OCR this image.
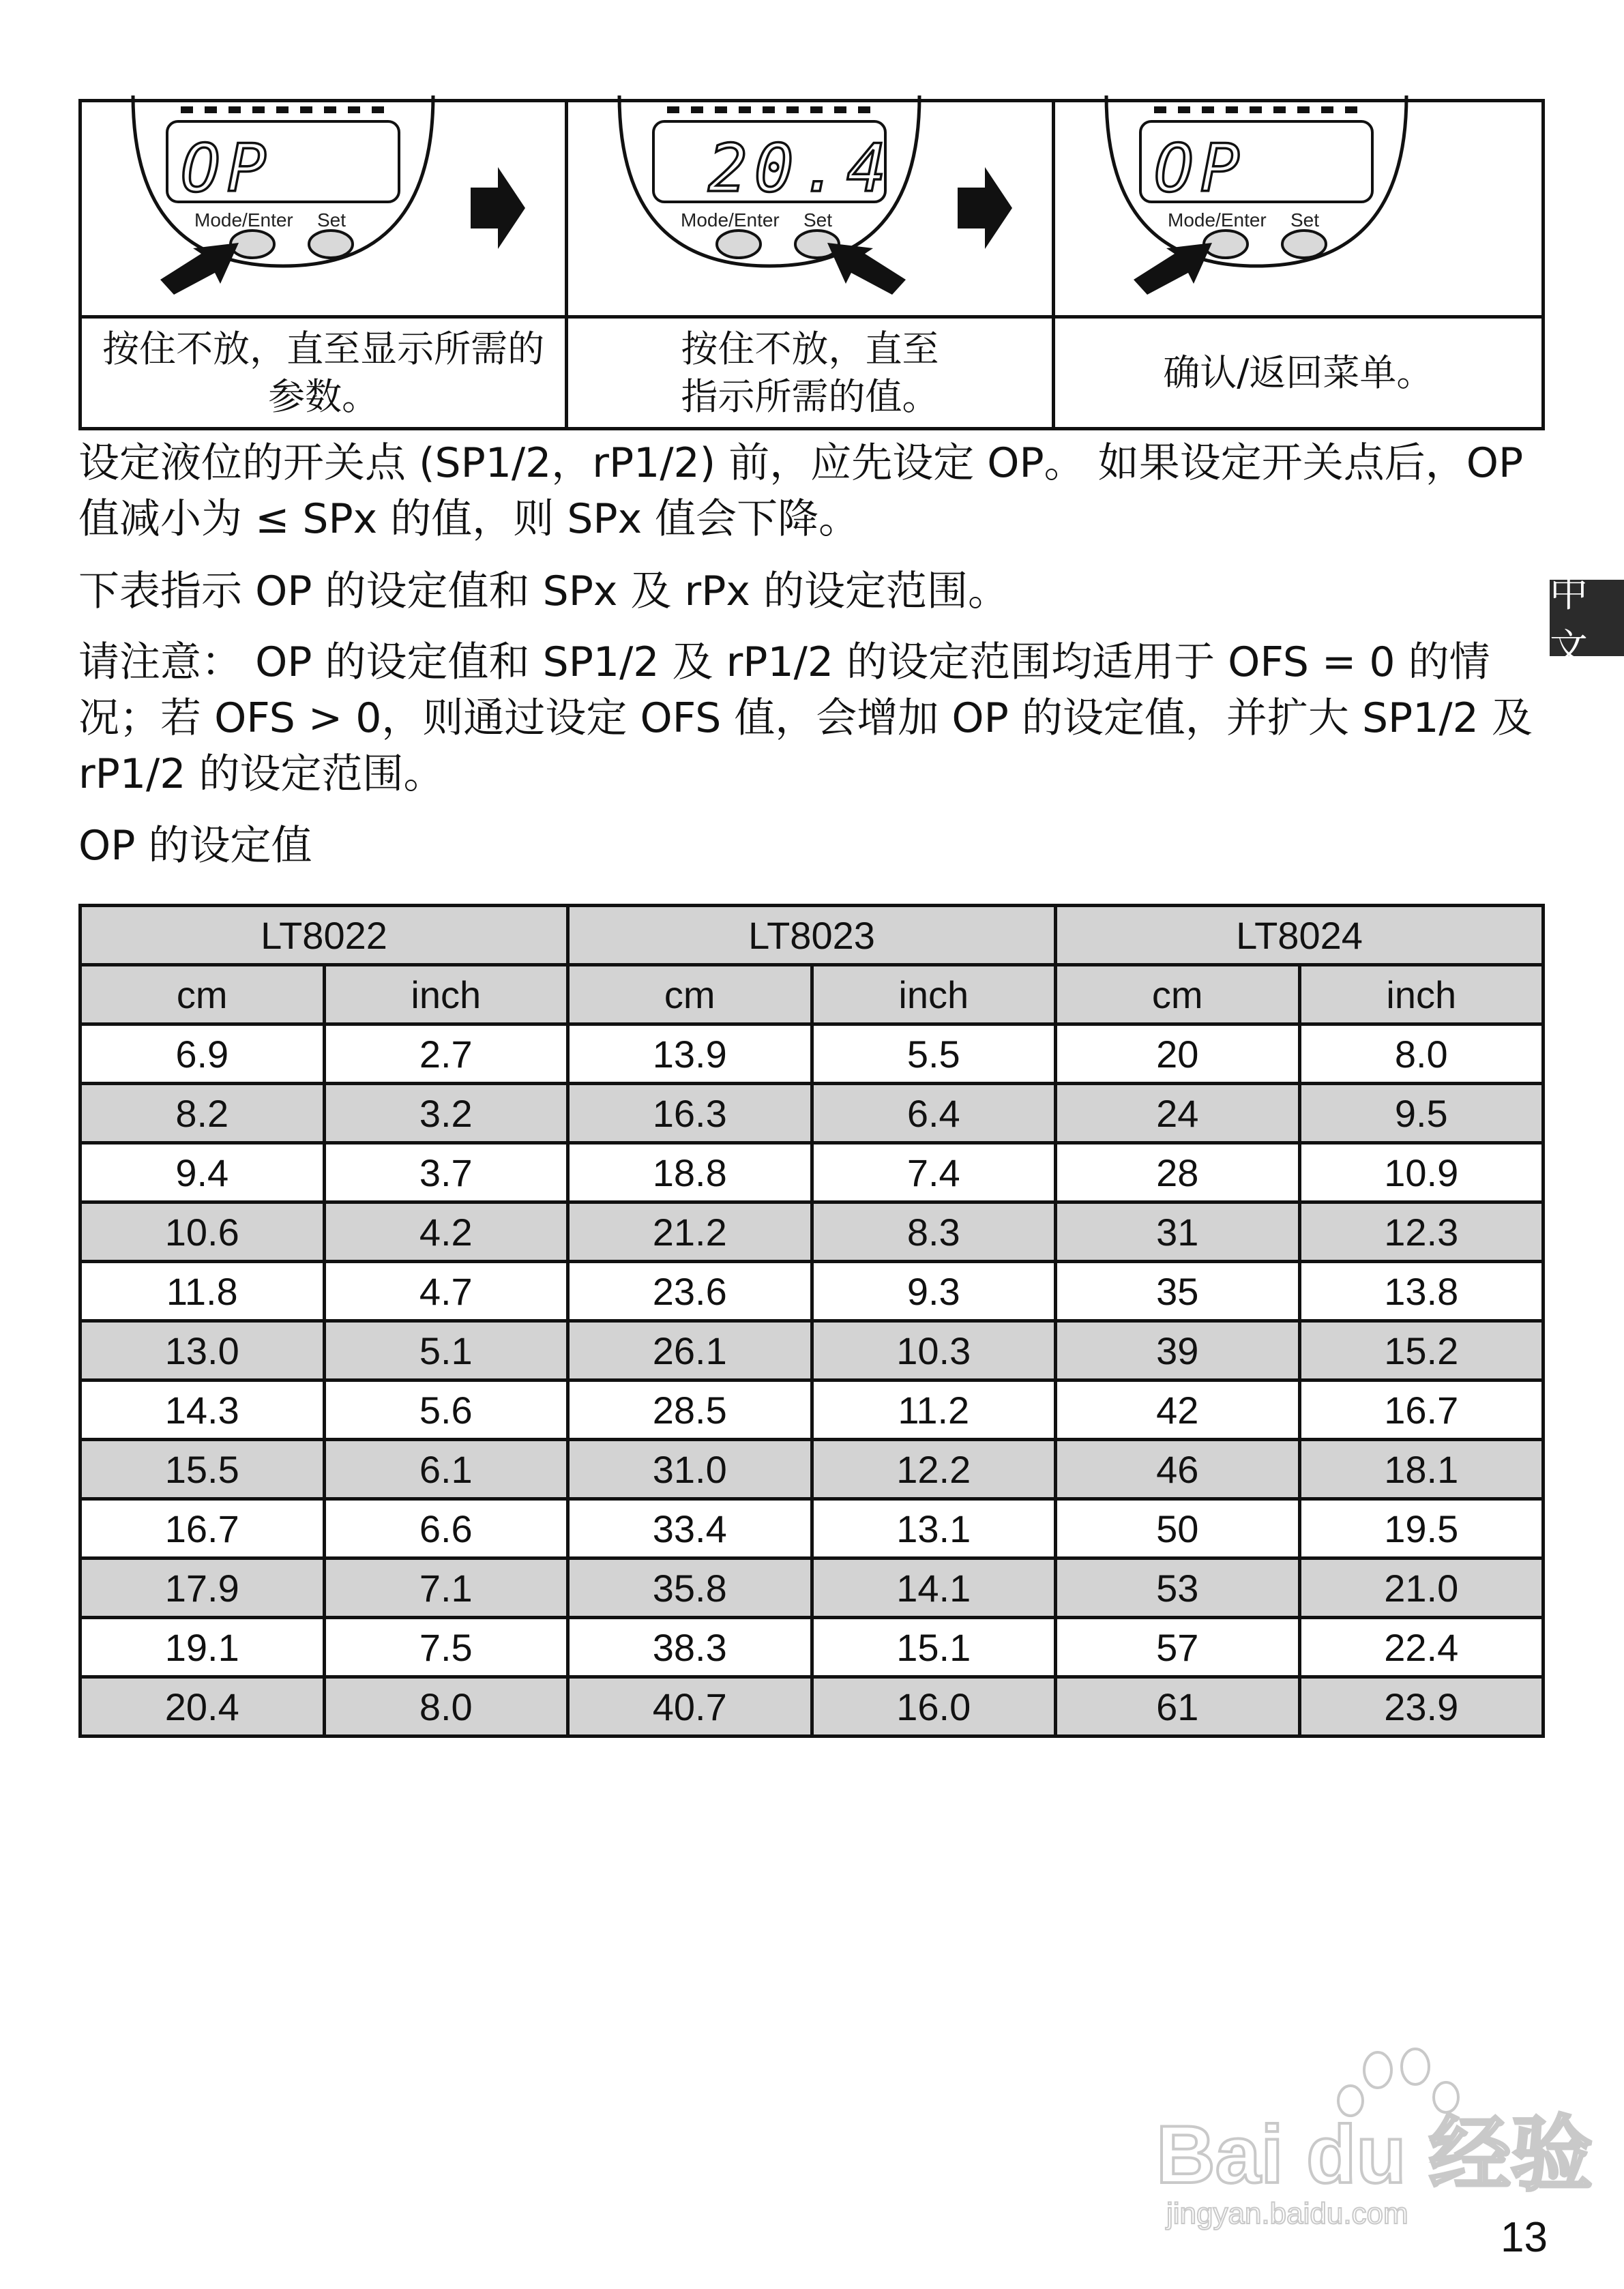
OP
Mode/Enter Set
20.4
Mode/Enter Set
OP
Mode/Enter Set
按住不放，直至显示所需的
参数。
按住不放，直至
指示所需的值。
确认/返回菜单。
设定液位的开关点 (SP1/2，rP1/2) 前，应先设定 OP。 如果设定开关点后，OP 值减小为 ≤ SPx 的值，则 SPx 值会下降。
下表指示 OP 的设定值和 SPx 及 rPx 的设定范围。
请注意： OP 的设定值和 SP1/2 及 rP1/2 的设定范围均适用于 OFS = 0 的情况；若 OFS > 0，则通过设定 OFS 值，会增加 OP 的设定值，并扩大 SP1/2 及 rP1/2 的设定范围。
OP 的设定值
中文
LT8022		LT8023		LT8024	
cm	inch	cm	inch	cm	inch
6.9	2.7	13.9	5.5	20	8.0
8.2	3.2	16.3	6.4	24	9.5
9.4	3.7	18.8	7.4	28	10.9
10.6	4.2	21.2	8.3	31	12.3
11.8	4.7	23.6	9.3	35	13.8
13.0	5.1	26.1	10.3	39	15.2
14.3	5.6	28.5	11.2	42	16.7
15.5	6.1	31.0	12.2	46	18.1
16.7	6.6	33.4	13.1	50	19.5
17.9	7.1	35.8	14.1	53	21.0
19.1	7.5	38.3	15.1	57	22.4
20.4	8.0	40.7	16.0	61	23.9
Bai du 经验
jingyan.baidu.com
13
